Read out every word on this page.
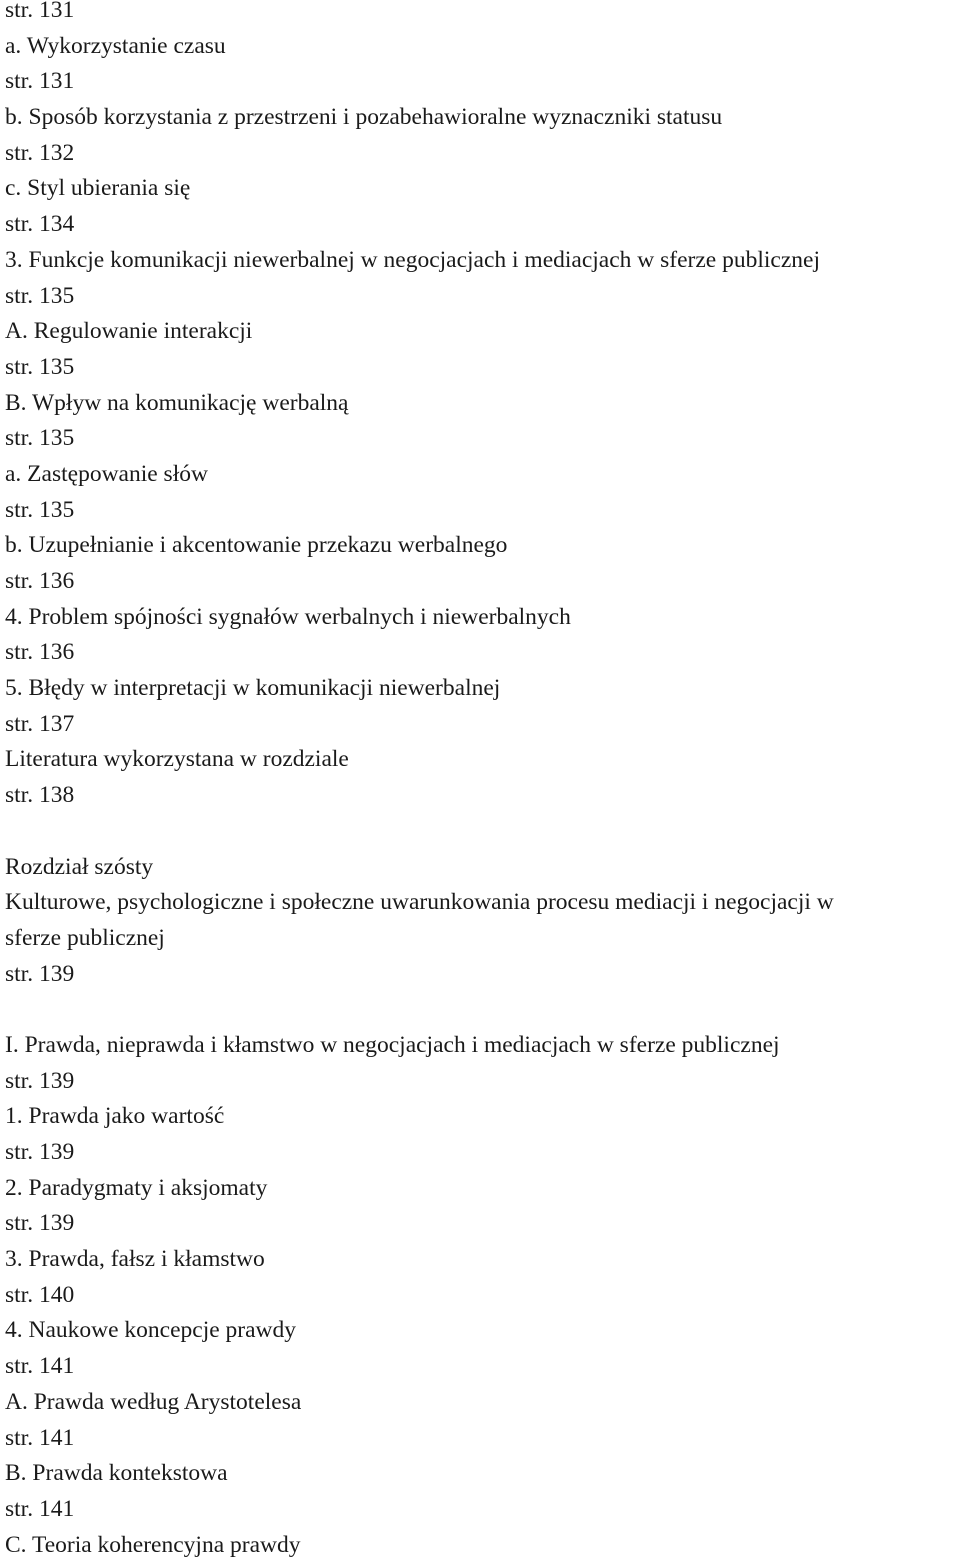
str. 131
a. Wykorzystanie czasu
str. 131
b. Sposób korzystania z przestrzeni i pozabehawioralne wyznaczniki statusu
str. 132
c. Styl ubierania się
str. 134
3. Funkcje komunikacji niewerbalnej w negocjacjach i mediacjach w sferze publicznej
str. 135
A. Regulowanie interakcji
str. 135
B. Wpływ na komunikację werbalną
str. 135
a. Zastępowanie słów
str. 135
b. Uzupełnianie i akcentowanie przekazu werbalnego
str. 136
4. Problem spójności sygnałów werbalnych i niewerbalnych
str. 136
5. Błędy w interpretacji w komunikacji niewerbalnej
str. 137
Literatura wykorzystana w rozdziale
str. 138
Rozdział szósty
Kulturowe, psychologiczne i społeczne uwarunkowania procesu mediacji i negocjacji w
sferze publicznej
str. 139
I. Prawda, nieprawda i kłamstwo w negocjacjach i mediacjach w sferze publicznej
str. 139
1. Prawda jako wartość
str. 139
2. Paradygmaty i aksjomaty
str. 139
3. Prawda, fałsz i kłamstwo
str. 140
4. Naukowe koncepcje prawdy
str. 141
A. Prawda według Arystotelesa
str. 141
B. Prawda kontekstowa
str. 141
C. Teoria koherencyjna prawdy
